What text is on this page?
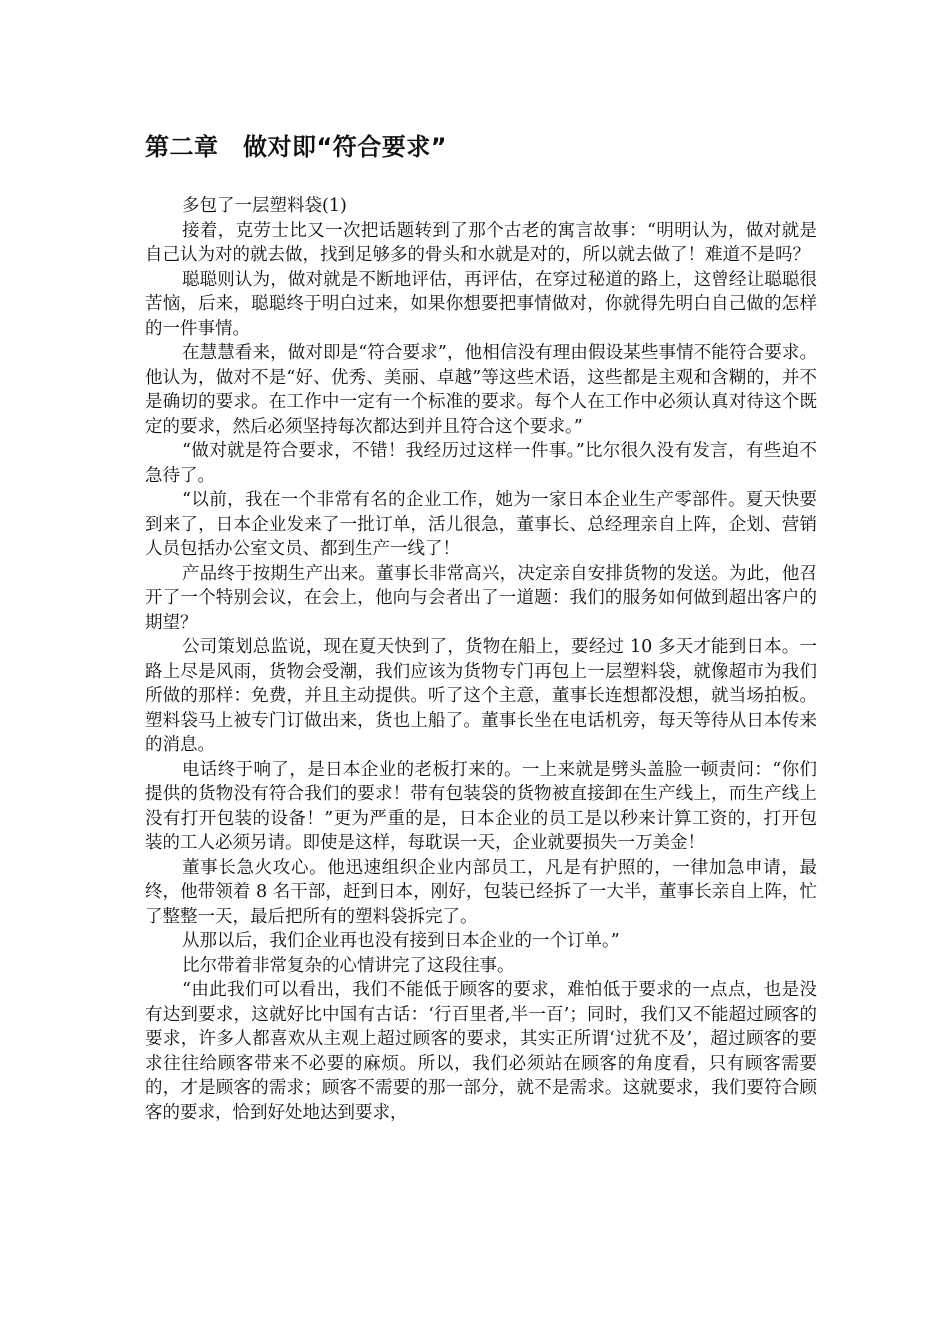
第二章　做对即“符合要求”

多包了一层塑料袋(1)

接着，克劳士比又一次把话题转到了那个古老的寓言故事：“明明认为，做对就是自己认为对的就去做，找到足够多的骨头和水就是对的，所以就去做了！难道不是吗？

聪聪则认为，做对就是不断地评估，再评估，在穿过秘道的路上，这曾经让聪聪很苦恼，后来，聪聪终于明白过来，如果你想要把事情做对，你就得先明白自己做的怎样的一件事情。

在慧慧看来，做对即是“符合要求”，他相信没有理由假设某些事情不能符合要求。他认为，做对不是“好、优秀、美丽、卓越”等这些术语，这些都是主观和含糊的，并不是确切的要求。在工作中一定有一个标准的要求。每个人在工作中必须认真对待这个既定的要求，然后必须坚持每次都达到并且符合这个要求。”

“做对就是符合要求，不错！我经历过这样一件事。”比尔很久没有发言，有些迫不急待了。

“以前，我在一个非常有名的企业工作，她为一家日本企业生产零部件。夏天快要到来了，日本企业发来了一批订单，活儿很急，董事长、总经理亲自上阵，企划、营销人员包括办公室文员、都到生产一线了！

产品终于按期生产出来。董事长非常高兴，决定亲自安排货物的发送。为此，他召开了一个特别会议，在会上，他向与会者出了一道题：我们的服务如何做到超出客户的期望？

公司策划总监说，现在夏天快到了，货物在船上，要经过 10 多天才能到日本。一路上尽是风雨，货物会受潮，我们应该为货物专门再包上一层塑料袋，就像超市为我们所做的那样：免费，并且主动提供。听了这个主意，董事长连想都没想，就当场拍板。塑料袋马上被专门订做出来，货也上船了。董事长坐在电话机旁，每天等待从日本传来的消息。

电话终于响了，是日本企业的老板打来的。一上来就是劈头盖脸一顿责问：“你们提供的货物没有符合我们的要求！带有包装袋的货物被直接卸在生产线上，而生产线上没有打开包装的设备！”更为严重的是，日本企业的员工是以秒来计算工资的，打开包装的工人必须另请。即使是这样，每耽误一天，企业就要损失一万美金！

董事长急火攻心。他迅速组织企业内部员工，凡是有护照的，一律加急申请，最终，他带领着 8 名干部，赶到日本，刚好，包装已经拆了一大半，董事长亲自上阵，忙了整整一天，最后把所有的塑料袋拆完了。

从那以后，我们企业再也没有接到日本企业的一个订单。”

比尔带着非常复杂的心情讲完了这段往事。

“由此我们可以看出，我们不能低于顾客的要求，难怕低于要求的一点点，也是没有达到要求，这就好比中国有古话：‘行百里者,半一百’；同时，我们又不能超过顾客的要求，许多人都喜欢从主观上超过顾客的要求，其实正所谓‘过犹不及’，超过顾客的要求往往给顾客带来不必要的麻烦。所以，我们必须站在顾客的角度看，只有顾客需要的，才是顾客的需求；顾客不需要的那一部分，就不是需求。这就要求，我们要符合顾客的要求，恰到好处地达到要求，
